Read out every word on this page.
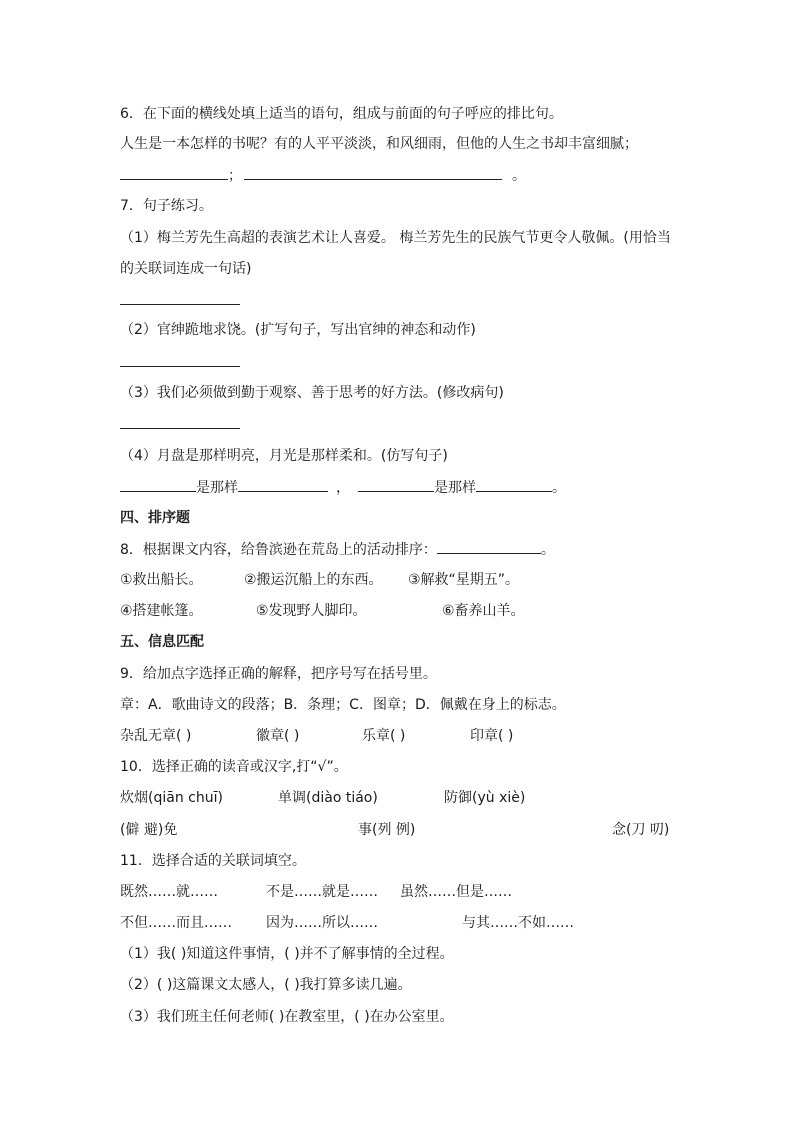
6．在下面的横线处填上适当的语句，组成与前面的句子呼应的排比句。
人生是一本怎样的书呢？有的人平平淡淡，和风细雨，但他的人生之书却丰富细腻；
；	。
7．句子练习。
（1）梅兰芳先生高超的表演艺术让人喜爱。 梅兰芳先生的民族气节更令人敬佩。(用恰当
的关联词连成一句话)
（2）官绅跪地求饶。(扩写句子，写出官绅的神态和动作)
（3）我们必须做到勤于观察、善于思考的好方法。(修改病句)
（4）月盘是那样明亮，月光是那样柔和。(仿写句子)
是那样	，	是那样	。
四、排序题
8．根据课文内容，给鲁滨逊在荒岛上的活动排序：	。
①救出船长。	②搬运沉船上的东西。 ③解救“星期五”。
④搭建帐篷。	⑤发现野人脚印。	⑥畜养山羊。
五、信息匹配
9．给加点字选择正确的解释，把序号写在括号里。
章：A．歌曲诗文的段落；B．条理；C．图章；D．佩戴在身上的标志。
杂乱无章( )	徽章( )	乐章( )	印章( )
10．选择正确的读音或汉字,打“√”。
炊烟(qiān chuī)	单调(diào tiáo)	防御(yù xiè)
(僻 避)免	事(列 例)	念(刀 叨)
11．选择合适的关联词填空。
既然……就……	不是……就是…… 虽然……但是……
不但……而且…… 因为……所以……	与其……不如……
（1）我( )知道这件事情，( )并不了解事情的全过程。
（2）( )这篇课文太感人，( )我打算多读几遍。
（3）我们班主任何老师( )在教室里，( )在办公室里。
